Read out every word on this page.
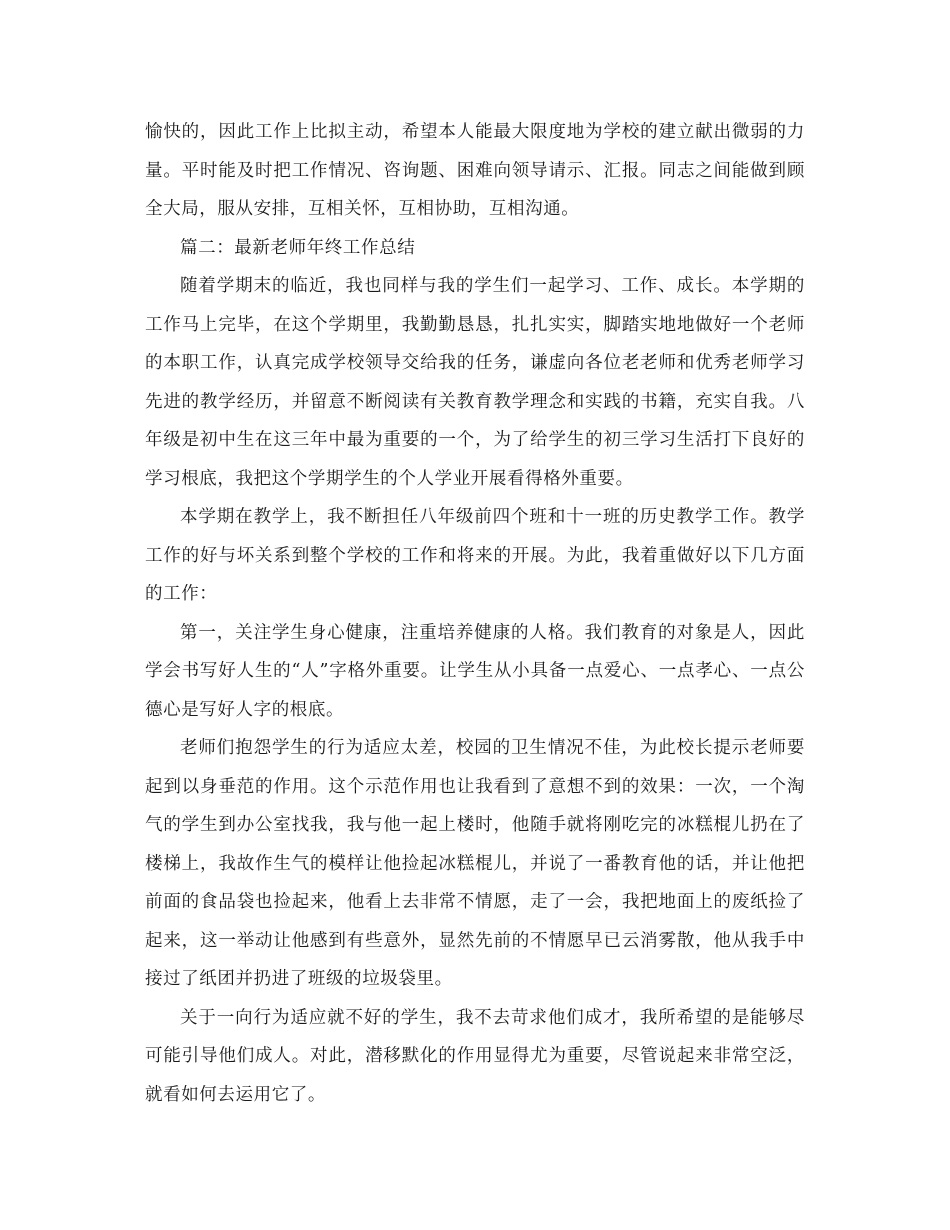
愉快的，因此工作上比拟主动，希望本人能最大限度地为学校的建立献出微弱的力量。平时能及时把工作情况、咨询题、困难向领导请示、汇报。同志之间能做到顾全大局，服从安排，互相关怀，互相协助，互相沟通。

篇二：最新老师年终工作总结

随着学期末的临近，我也同样与我的学生们一起学习、工作、成长。本学期的工作马上完毕，在这个学期里，我勤勤恳恳，扎扎实实，脚踏实地地做好一个老师的本职工作，认真完成学校领导交给我的任务，谦虚向各位老老师和优秀老师学习先进的教学经历，并留意不断阅读有关教育教学理念和实践的书籍，充实自我。八年级是初中生在这三年中最为重要的一个，为了给学生的初三学习生活打下良好的学习根底，我把这个学期学生的个人学业开展看得格外重要。

本学期在教学上，我不断担任八年级前四个班和十一班的历史教学工作。教学工作的好与坏关系到整个学校的工作和将来的开展。为此，我着重做好以下几方面的工作：

第一，关注学生身心健康，注重培养健康的人格。我们教育的对象是人，因此学会书写好人生的“人”字格外重要。让学生从小具备一点爱心、一点孝心、一点公德心是写好人字的根底。

老师们抱怨学生的行为适应太差，校园的卫生情况不佳，为此校长提示老师要起到以身垂范的作用。这个示范作用也让我看到了意想不到的效果：一次，一个淘气的学生到办公室找我，我与他一起上楼时，他随手就将刚吃完的冰糕棍儿扔在了楼梯上，我故作生气的模样让他捡起冰糕棍儿，并说了一番教育他的话，并让他把前面的食品袋也捡起来，他看上去非常不情愿，走了一会，我把地面上的废纸捡了起来，这一举动让他感到有些意外，显然先前的不情愿早已云消雾散，他从我手中接过了纸团并扔进了班级的垃圾袋里。

关于一向行为适应就不好的学生，我不去苛求他们成才，我所希望的是能够尽可能引导他们成人。对此，潜移默化的作用显得尤为重要，尽管说起来非常空泛，就看如何去运用它了。
